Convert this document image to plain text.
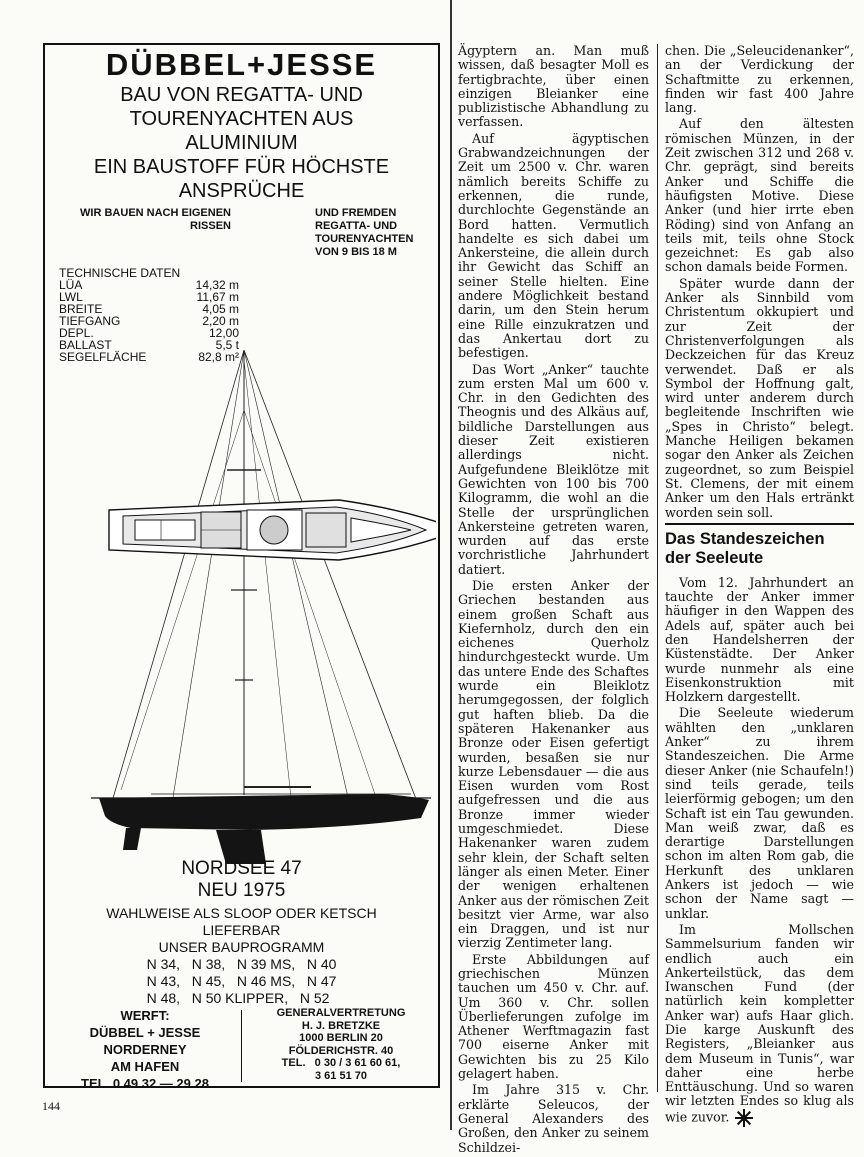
DÜBBEL+JESSE
BAU VON REGATTA- UND
TOURENYACHTEN AUS
ALUMINIUM
EIN BAUSTOFF FÜR HÖCHSTE
ANSPRÜCHE
WIR BAUEN NACH EIGENEN
RISSEN
UND FREMDEN
REGATTA- UND
TOURENYACHTEN
VON 9 BIS 18 M
TECHNISCHE DATEN
LÜA	14,32 m
LWL	11,67 m
BREITE	4,05 m
TIEFGANG	2,20 m
DEPL.	12,00
BALLAST	5,5 t
SEGELFLÄCHE	82,8 m²
NORDSEE 47
NEU 1975
WAHLWEISE ALS SLOOP ODER KETSCH
LIEFERBAR
UNSER BAUPROGRAMM
N 34,   N 38,   N 39 MS,   N 40
N 43,   N 45,   N 46 MS,   N 47
N 48,   N 50 KLIPPER,   N 52
WERFT:
DÜBBEL + JESSE
NORDERNEY
AM HAFEN
TEL. 0 49 32 — 29 28
GENERALVERTRETUNG
H. J. BRETZKE
1000 BERLIN 20
FÖLDERICHSTR. 40
TEL.   0 30 / 3 61 60 61,
3 61 51 70
144

Ägyptern an. Man muß wissen, daß besagter Moll es fertigbrachte, über einen einzigen Bleianker eine publizistische Abhandlung zu verfassen.

Auf ägyptischen Grabwandzeichnungen der Zeit um 2500 v. Chr. waren nämlich bereits Schiffe zu erkennen, die runde, durchlochte Gegenstände an Bord hatten. Vermutlich handelte es sich dabei um Ankersteine, die allein durch ihr Gewicht das Schiff an seiner Stelle hielten. Eine andere Möglichkeit bestand darin, um den Stein herum eine Rille einzukratzen und das Ankertau dort zu befestigen.

Das Wort „Anker“ tauchte zum ersten Mal um 600 v. Chr. in den Gedichten des Theognis und des Alkäus auf, bildliche Darstellungen aus dieser Zeit existieren allerdings nicht. Aufgefundene Bleiklötze mit Gewichten von 100 bis 700 Kilogramm, die wohl an die Stelle der ursprünglichen Ankersteine getreten waren, wurden auf das erste vorchristliche Jahrhundert datiert.

Die ersten Anker der Griechen bestanden aus einem großen Schaft aus Kiefernholz, durch den ein eichenes Querholz hindurchgesteckt wurde. Um das untere Ende des Schaftes wurde ein Bleiklotz herumgegossen, der folglich gut haften blieb. Da die späteren Hakenanker aus Bronze oder Eisen gefertigt wurden, besaßen sie nur kurze Lebensdauer — die aus Eisen wurden vom Rost aufgefressen und die aus Bronze immer wieder umgeschmiedet. Diese Hakenanker waren zudem sehr klein, der Schaft selten länger als einen Meter. Einer der wenigen erhaltenen Anker aus der römischen Zeit besitzt vier Arme, war also ein Draggen, und ist nur vierzig Zentimeter lang.

Erste Abbildungen auf griechischen Münzen tauchen um 450 v. Chr. auf. Um 360 v. Chr. sollen Überlieferungen zufolge im Athener Werftmagazin fast 700 eiserne Anker mit Gewichten bis zu 25 Kilo gelagert haben.

Im Jahre 315 v. Chr. erklärte Seleucos, der General Alexanders des Großen, den Anker zu seinem Schildzei-

chen. Die „Seleucidenanker“, an der Verdickung der Schaftmitte zu erkennen, finden wir fast 400 Jahre lang.

Auf den ältesten römischen Münzen, in der Zeit zwischen 312 und 268 v. Chr. geprägt, sind bereits Anker und Schiffe die häufigsten Motive. Diese Anker (und hier irrte eben Röding) sind von Anfang an teils mit, teils ohne Stock gezeichnet: Es gab also schon damals beide Formen.

Später wurde dann der Anker als Sinnbild vom Christentum okkupiert und zur Zeit der Christenverfolgungen als Deckzeichen für das Kreuz verwendet. Daß er als Symbol der Hoffnung galt, wird unter anderem durch begleitende Inschriften wie „Spes in Christo“ belegt. Manche Heiligen bekamen sogar den Anker als Zeichen zugeordnet, so zum Beispiel St. Clemens, der mit einem Anker um den Hals ertränkt worden sein soll.

Das Standeszeichen
der Seeleute

Vom 12. Jahrhundert an tauchte der Anker immer häufiger in den Wappen des Adels auf, später auch bei den Handelsherren der Küstenstädte. Der Anker wurde nunmehr als eine Eisenkonstruktion mit Holzkern dargestellt.

Die Seeleute wiederum wählten den „unklaren Anker“ zu ihrem Standeszeichen. Die Arme dieser Anker (nie Schaufeln!) sind teils gerade, teils leierförmig gebogen; um den Schaft ist ein Tau gewunden. Man weiß zwar, daß es derartige Darstellungen schon im alten Rom gab, die Herkunft des unklaren Ankers ist jedoch — wie schon der Name sagt — unklar.

Im Mollschen Sammelsurium fanden wir endlich auch ein Ankerteilstück, das dem Iwanschen Fund (der natürlich kein kompletter Anker war) aufs Haar glich. Die karge Auskunft des Registers, „Bleianker aus dem Museum in Tunis“, war daher eine herbe Enttäuschung. Und so waren wir letzten Endes so klug als wie zuvor.
